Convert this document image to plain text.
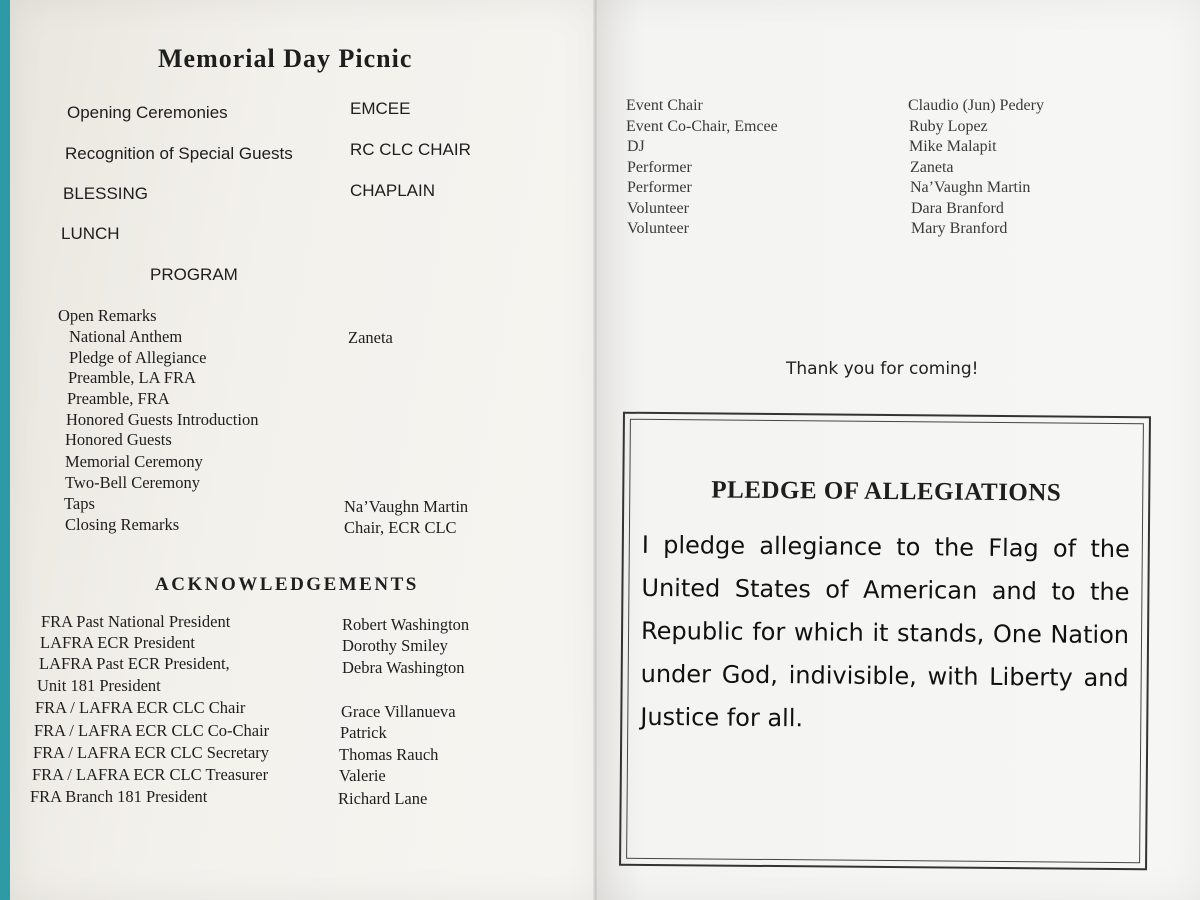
Memorial Day Picnic
Opening Ceremonies	EMCEE
Recognition of Special Guests	RC CLC CHAIR
BLESSING	CHAPLAIN
LUNCH
PROGRAM
Open Remarks
National Anthem	Zaneta
Pledge of Allegiance
Preamble, LA FRA
Preamble, FRA
Honored Guests Introduction
Honored Guests
Memorial Ceremony
Two-Bell Ceremony
Taps	Na’Vaughn Martin
Closing Remarks	Chair, ECR CLC
ACKNOWLEDGEMENTS
FRA Past National President	Robert Washington
LAFRA ECR President	Dorothy Smiley
LAFRA Past ECR President,	Debra Washington
Unit 181 President
FRA / LAFRA ECR CLC Chair	Grace Villanueva
FRA / LAFRA ECR CLC Co-Chair	Patrick
FRA / LAFRA ECR CLC Secretary	Thomas Rauch
FRA / LAFRA ECR CLC Treasurer	Valerie
FRA Branch 181 President	Richard Lane
Event Chair	Claudio (Jun) Pedery
Event Co-Chair, Emcee	Ruby Lopez
DJ	Mike Malapit
Performer	Zaneta
Performer	Na’Vaughn Martin
Volunteer	Dara Branford
Volunteer	Mary Branford
Thank you for coming!
PLEDGE OF ALLEGIATIONS
I pledge allegiance to the Flag of the United States of American and to the Republic for which it stands, One Nation under God, indivisible, with Liberty and Justice for all.
